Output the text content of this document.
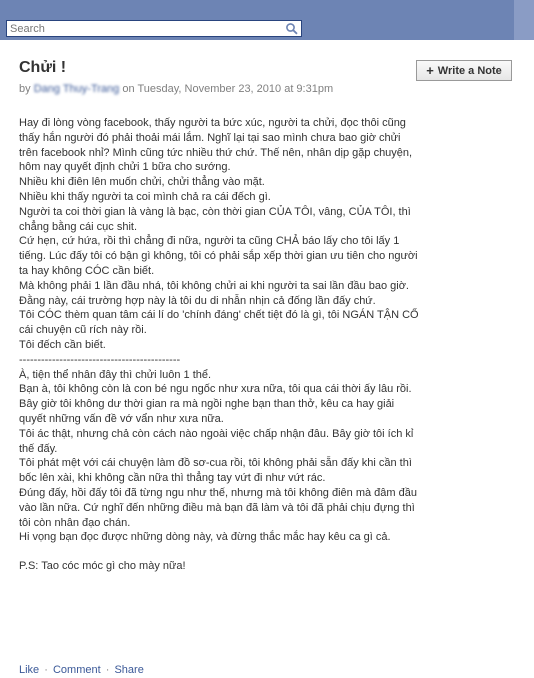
Search
Chửi !
by Dang Thuy-Trang on Tuesday, November 23, 2010 at 9:31pm
+ Write a Note
Hay đi lòng vòng facebook, thấy người ta bức xúc, người ta chửi, đọc thôi cũng thấy hắn người đó phải thoải mái lắm. Nghĩ lại tại sao mình chưa bao giờ chửi trên facebook nhỉ? Mình cũng tức nhiều thứ chứ. Thế nên, nhân dịp gặp chuyện, hôm nay quyết định chửi 1 bữa cho sướng.
Nhiều khi điên lên muốn chửi, chửi thẳng vào mặt.
Nhiều khi thấy người ta coi mình chả ra cái đếch gì.
Người ta coi thời gian là vàng là bạc, còn thời gian CỦA TÔI, vâng, CỦA TÔI, thì chẳng bằng cái cục shit.
Cứ hẹn, cứ hứa, rồi thì chẳng đi nữa, người ta cũng CHẢ báo lấy cho tôi lấy 1 tiếng. Lúc đấy tôi có bận gì không, tôi có phải sắp xếp thời gian ưu tiên cho người ta hay không CÓC cần biết.
Mà không phải 1 lần đầu nhá, tôi không chửi ai khi người ta sai lần đầu bao giờ. Đằng này, cái trường hợp này là tôi du di nhẫn nhịn cả đống lần đấy chứ.
Tôi CÓC thèm quan tâm cái lí do 'chính đáng' chết tiệt đó là gì, tôi NGÁN TẬN CỔ cái chuyện cũ rích này rồi.
Tôi đếch cần biết.
--------------------------------------------
À, tiện thể nhân đây thì chửi luôn 1 thể.
Bạn à, tôi không còn là con bé ngu ngốc như xưa nữa, tôi qua cái thời ấy lâu rồi. Bây giờ tôi không dư thời gian ra mà ngồi nghe bạn than thở, kêu ca hay giải quyết những vấn đề vớ vẩn như xưa nữa.
Tôi ác thật, nhưng chả còn cách nào ngoài việc chấp nhận đâu. Bây giờ tôi ích kỉ thế đấy.
Tôi phát mệt với cái chuyện làm đồ sơ-cua rồi, tôi không phải sẵn đấy khi cần thì bốc lên xài, khi không cần nữa thì thẳng tay vứt đi như vứt rác.
Đúng đấy, hồi đấy tôi đã từng ngu như thế, nhưng mà tôi không điên mà đâm đầu vào lần nữa. Cứ nghĩ đến những điều mà bạn đã làm và tôi đã phải chịu đựng thì tôi còn nhân đạo chán.
Hi vọng bạn đọc được những dòng này, và đừng thắc mắc hay kêu ca gì cả.
P.S: Tao cóc móc gì cho mày nữa!
Like · Comment · Share
